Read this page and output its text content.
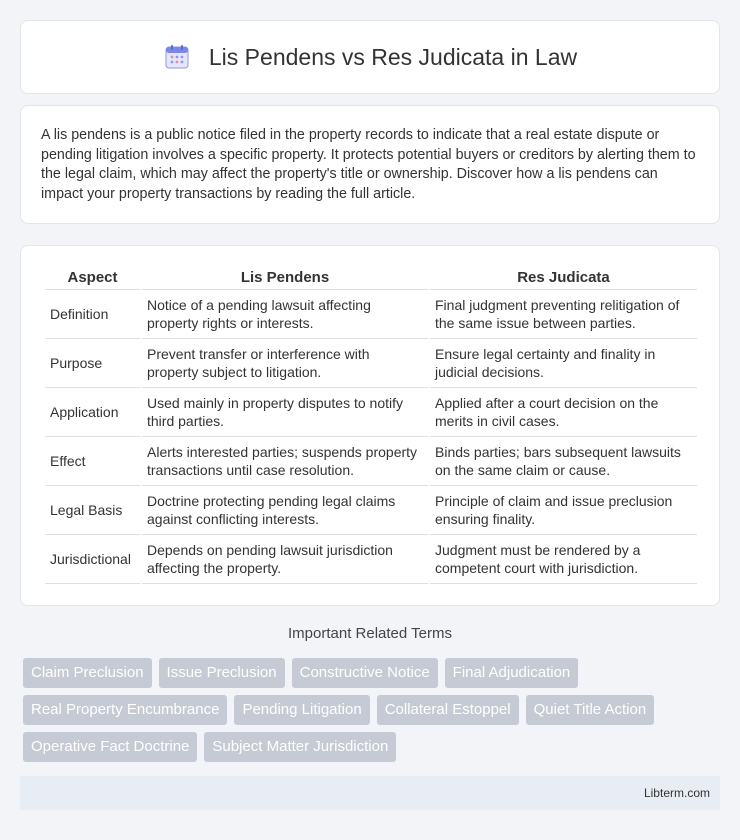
Lis Pendens vs Res Judicata in Law

A lis pendens is a public notice filed in the property records to indicate that a real estate dispute or pending litigation involves a specific property. It protects potential buyers or creditors by alerting them to the legal claim, which may affect the property's title or ownership. Discover how a lis pendens can impact your property transactions by reading the full article.

Aspect	Lis Pendens	Res Judicata
Definition	Notice of a pending lawsuit affecting property rights or interests.	Final judgment preventing relitigation of the same issue between parties.
Purpose	Prevent transfer or interference with property subject to litigation.	Ensure legal certainty and finality in judicial decisions.
Application	Used mainly in property disputes to notify third parties.	Applied after a court decision on the merits in civil cases.
Effect	Alerts interested parties; suspends property transactions until case resolution.	Binds parties; bars subsequent lawsuits on the same claim or cause.
Legal Basis	Doctrine protecting pending legal claims against conflicting interests.	Principle of claim and issue preclusion ensuring finality.
Jurisdictional	Depends on pending lawsuit jurisdiction affecting the property.	Judgment must be rendered by a competent court with jurisdiction.
Important Related Terms
Claim Preclusion	Issue Preclusion	Constructive Notice	Final Adjudication
Real Property Encumbrance	Pending Litigation	Collateral Estoppel	Quiet Title Action
Operative Fact Doctrine	Subject Matter Jurisdiction
Libterm.com
